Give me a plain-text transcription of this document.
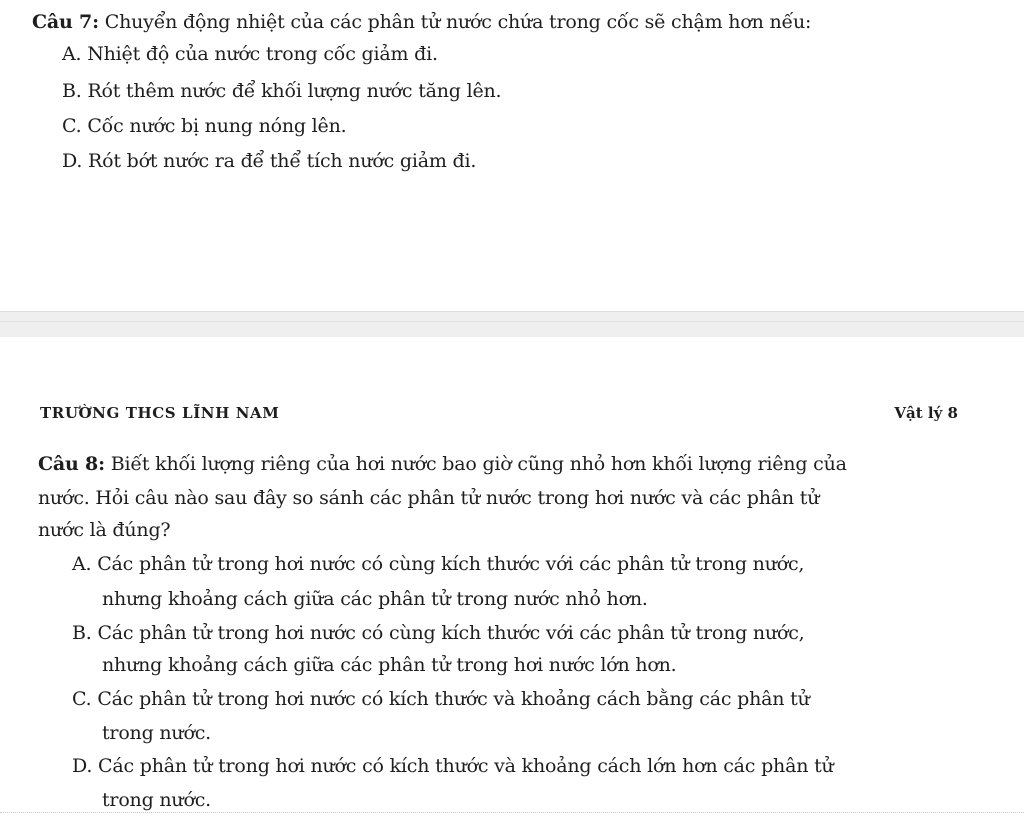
Câu 7: Chuyển động nhiệt của các phân tử nước chứa trong cốc sẽ chậm hơn nếu:
A. Nhiệt độ của nước trong cốc giảm đi.
B. Rót thêm nước để khối lượng nước tăng lên.
C. Cốc nước bị nung nóng lên.
D. Rót bớt nước ra để thể tích nước giảm đi.
TRƯỜNG THCS LĨNH NAM	Vật lý 8
Câu 8: Biết khối lượng riêng của hơi nước bao giờ cũng nhỏ hơn khối lượng riêng của
nước. Hỏi câu nào sau đây so sánh các phân tử nước trong hơi nước và các phân tử
nước là đúng?
A. Các phân tử trong hơi nước có cùng kích thước với các phân tử trong nước,
nhưng khoảng cách giữa các phân tử trong nước nhỏ hơn.
B. Các phân tử trong hơi nước có cùng kích thước với các phân tử trong nước,
nhưng khoảng cách giữa các phân tử trong hơi nước lớn hơn.
C. Các phân tử trong hơi nước có kích thước và khoảng cách bằng các phân tử
trong nước.
D. Các phân tử trong hơi nước có kích thước và khoảng cách lớn hơn các phân tử
trong nước.
